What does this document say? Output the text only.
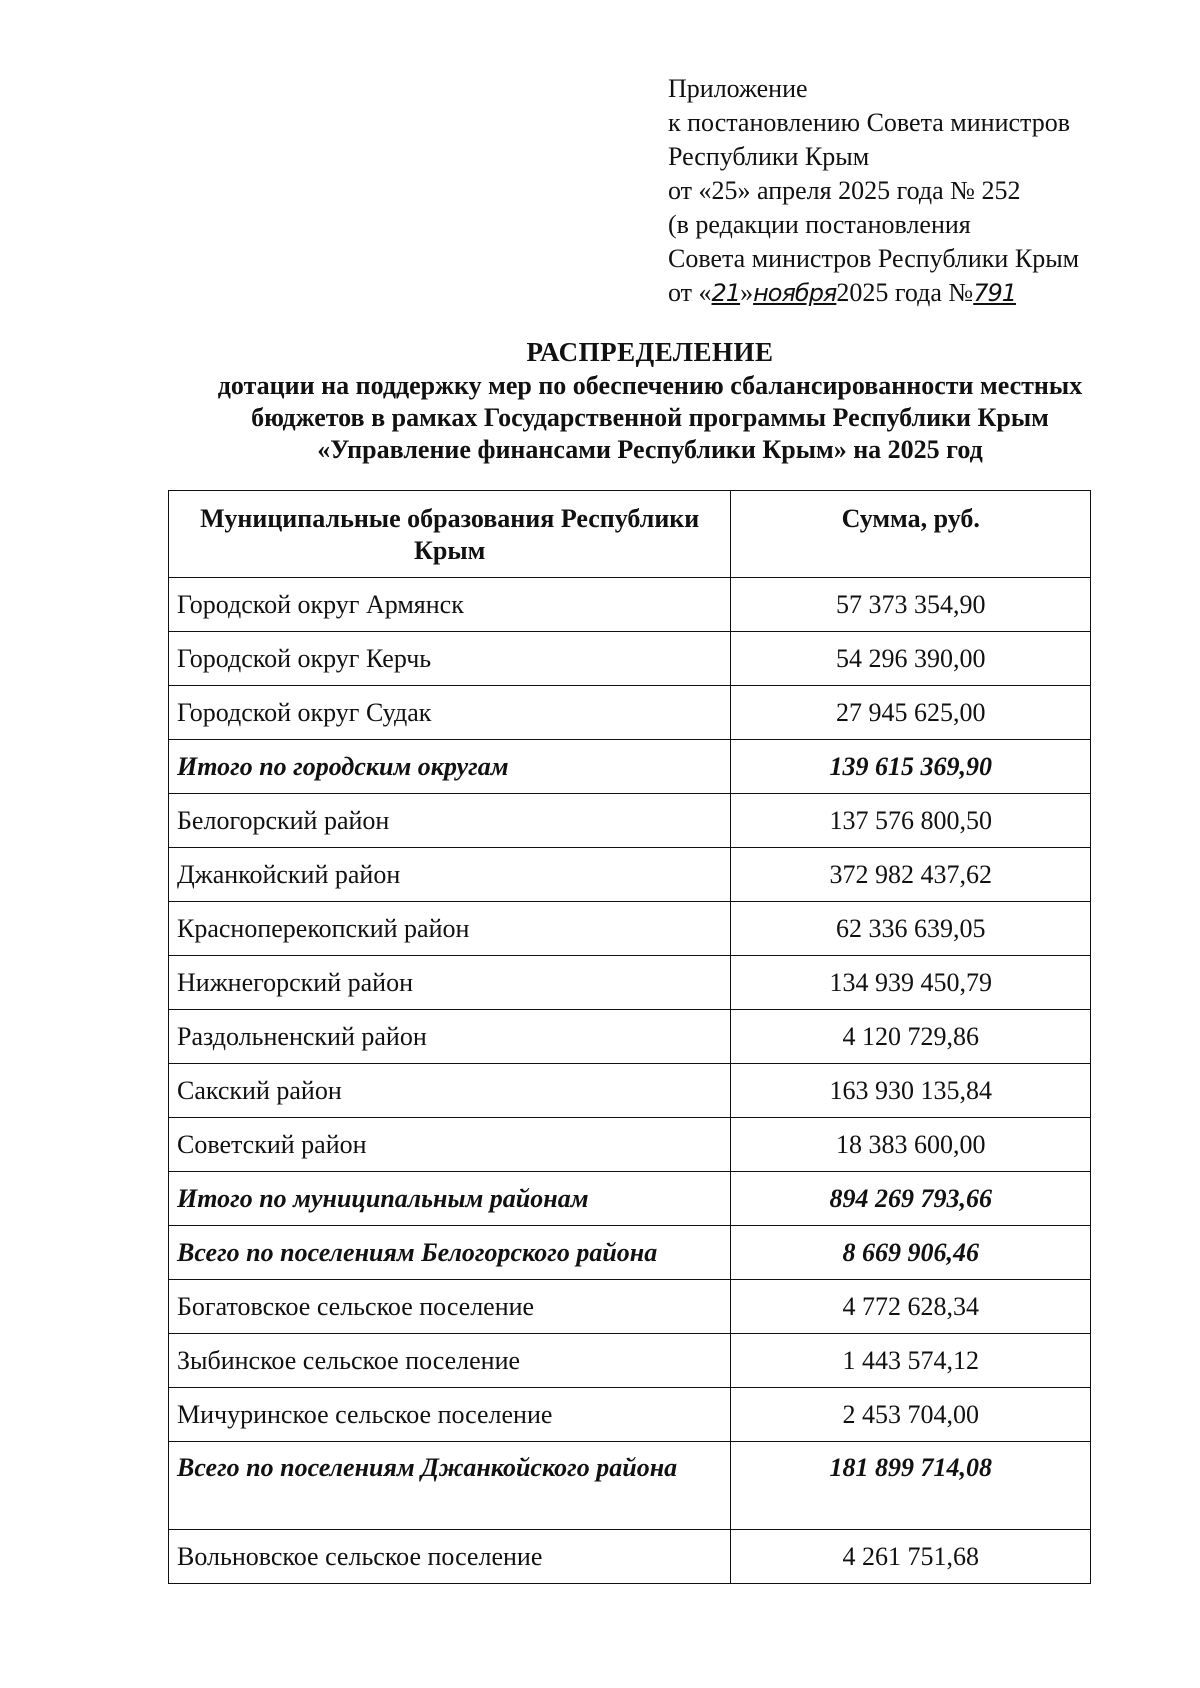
Приложение
к постановлению Совета министров
Республики Крым
от «25» апреля 2025 года № 252
(в редакции постановления
Совета министров Республики Крым
от «21»ноября2025 года №791
РАСПРЕДЕЛЕНИЕ
дотации на поддержку мер по обеспечению сбалансированности местных
бюджетов в рамках Государственной программы Республики Крым
«Управление финансами Республики Крым» на 2025 год
Муниципальные образования Республики Крым	Сумма, руб.
Городской округ Армянск	57 373 354,90
Городской округ Керчь	54 296 390,00
Городской округ Судак	27 945 625,00
Итого по городским округам	139 615 369,90
Белогорский район	137 576 800,50
Джанкойский район	372 982 437,62
Красноперекопский район	62 336 639,05
Нижнегорский район	134 939 450,79
Раздольненский район	4 120 729,86
Сакский район	163 930 135,84
Советский район	18 383 600,00
Итого по муниципальным районам	894 269 793,66
Всего по поселениям Белогорского района	8 669 906,46
Богатовское сельское поселение	4 772 628,34
Зыбинское сельское поселение	1 443 574,12
Мичуринское сельское поселение	2 453 704,00
Всего по поселениям Джанкойского района	181 899 714,08
Вольновское сельское поселение	4 261 751,68
